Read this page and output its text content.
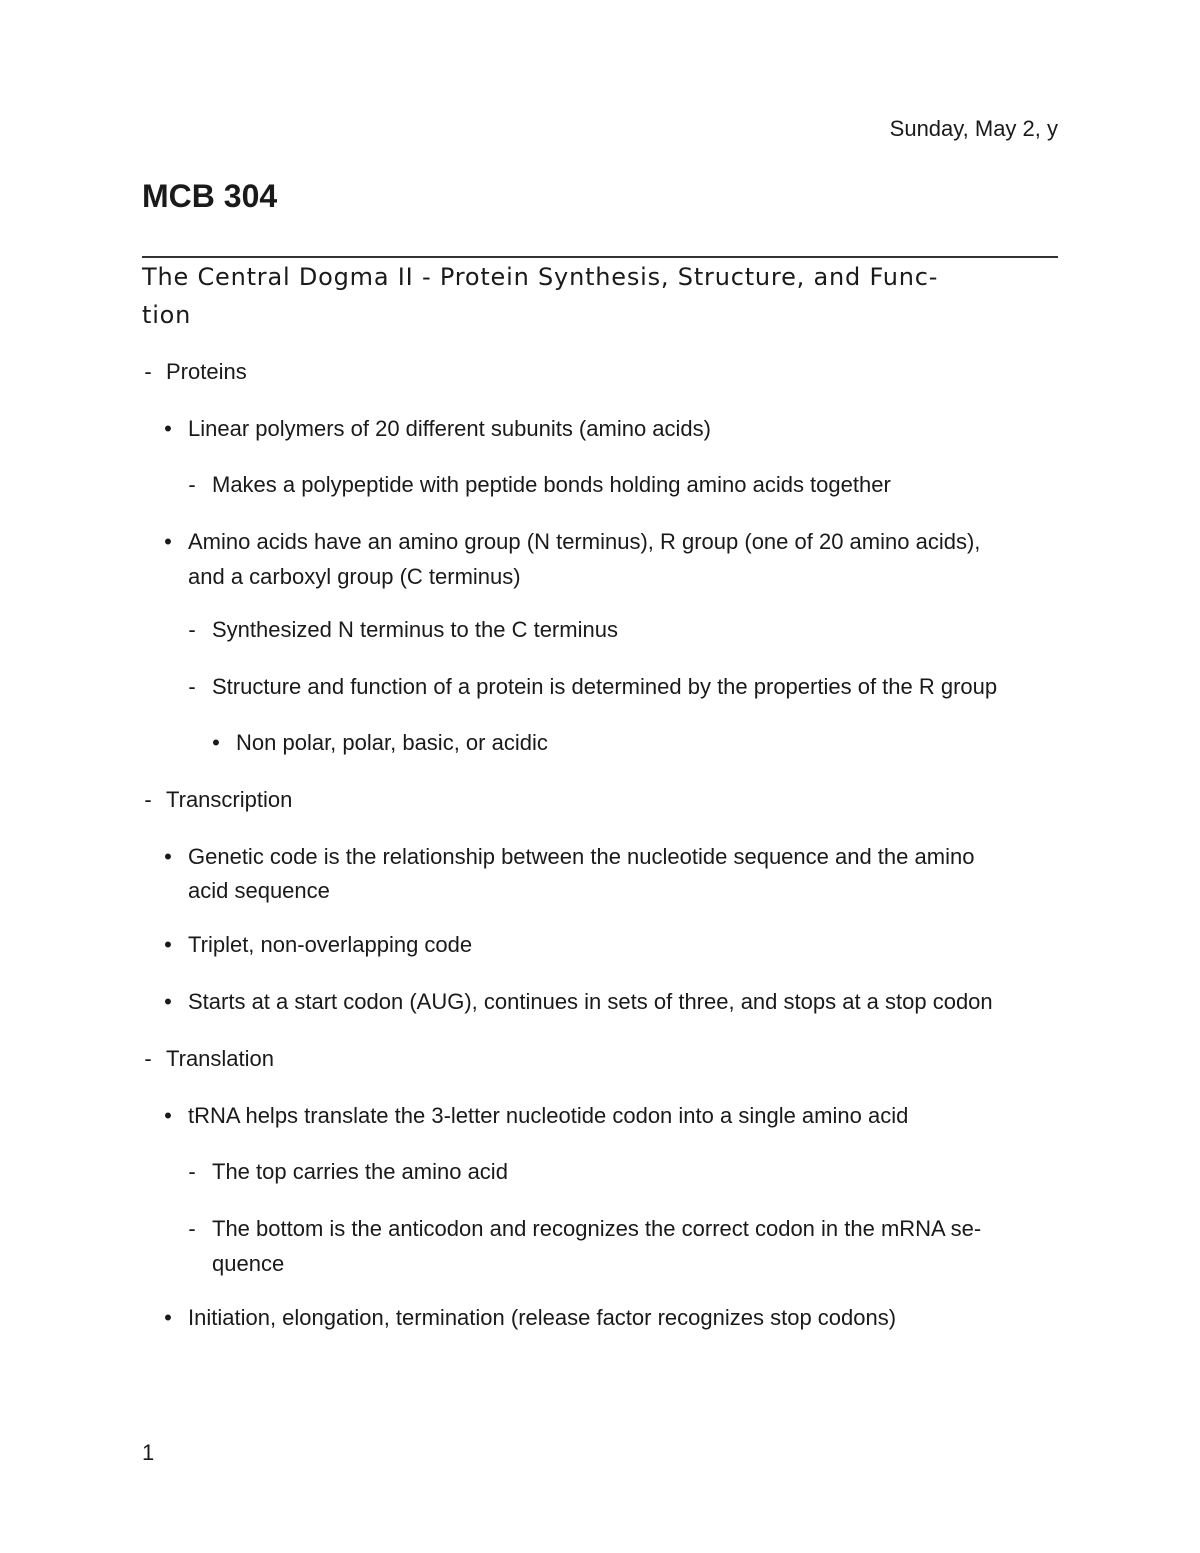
Sunday, May 2, y
MCB 304
The Central Dogma II - Protein Synthesis, Structure, and Func-
tion
- Proteins
• Linear polymers of 20 different subunits (amino acids)
- Makes a polypeptide with peptide bonds holding amino acids together
• Amino acids have an amino group (N terminus), R group (one of 20 amino acids),
and a carboxyl group (C terminus)
- Synthesized N terminus to the C terminus
- Structure and function of a protein is determined by the properties of the R group
• Non polar, polar, basic, or acidic
- Transcription
• Genetic code is the relationship between the nucleotide sequence and the amino
acid sequence
• Triplet, non-overlapping code
• Starts at a start codon (AUG), continues in sets of three, and stops at a stop codon
- Translation
• tRNA helps translate the 3-letter nucleotide codon into a single amino acid
- The top carries the amino acid
- The bottom is the anticodon and recognizes the correct codon in the mRNA se-
quence
• Initiation, elongation, termination (release factor recognizes stop codons)
1
